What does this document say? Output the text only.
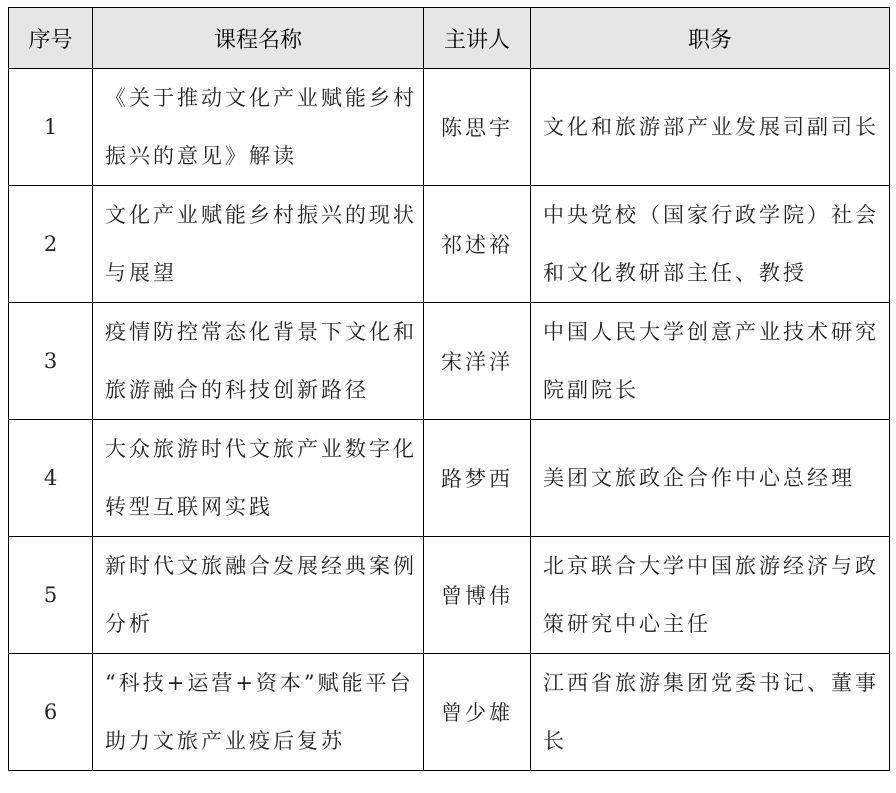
序号	课程名称	主讲人	职务
1	《关于推动文化产业赋能乡村振兴的意见》解读	陈思宇	文化和旅游部产业发展司副司长
2	文化产业赋能乡村振兴的现状与展望	祁述裕	中央党校（国家行政学院）社会和文化教研部主任、教授
3	疫情防控常态化背景下文化和旅游融合的科技创新路径	宋洋洋	中国人民大学创意产业技术研究院副院长
4	大众旅游时代文旅产业数字化转型互联网实践	路梦西	美团文旅政企合作中心总经理
5	新时代文旅融合发展经典案例分析	曾博伟	北京联合大学中国旅游经济与政策研究中心主任
6	“科技+运营+资本”赋能平台 助力文旅产业疫后复苏	曾少雄	江西省旅游集团党委书记、董事长
